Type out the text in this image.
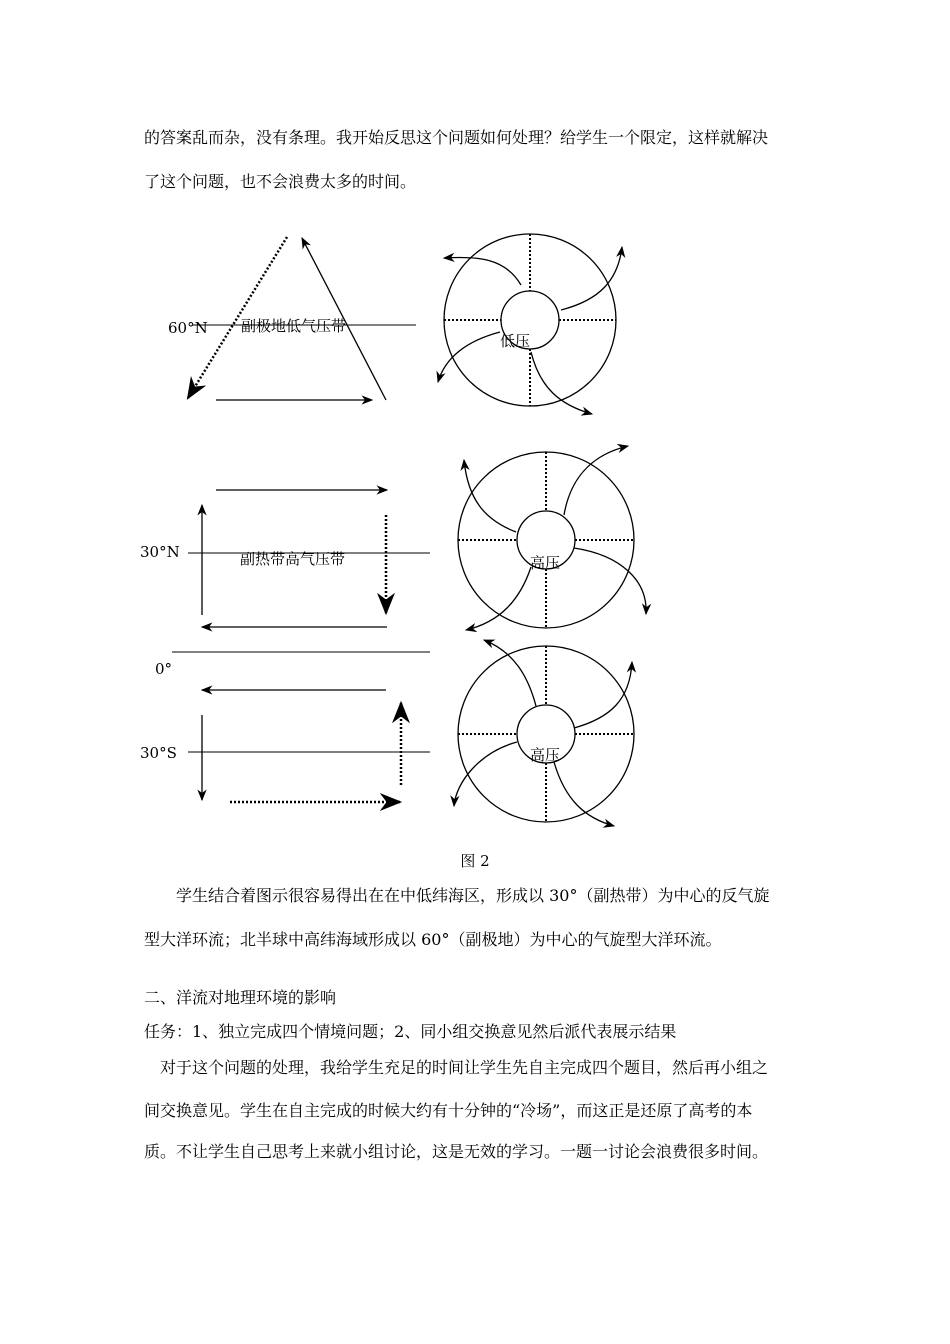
的答案乱而杂，没有条理。我开始反思这个问题如何处理？给学生一个限定，这样就解决
了这个问题，也不会浪费太多的时间。
60°N 副极地低气压带
低压
30°N	副热带高气压带
0°
高压
30°S	高压
图 2
学生结合着图示很容易得出在在中低纬海区，形成以 30°（副热带）为中心的反气旋
型大洋环流；北半球中高纬海域形成以 60°（副极地）为中心的气旋型大洋环流。
二、洋流对地理环境的影响
任务：1、独立完成四个情境问题；2、同小组交换意见然后派代表展示结果
对于这个问题的处理，我给学生充足的时间让学生先自主完成四个题目，然后再小组之
间交换意见。学生在自主完成的时候大约有十分钟的“冷场”，而这正是还原了高考的本
质。不让学生自己思考上来就小组讨论，这是无效的学习。一题一讨论会浪费很多时间。
